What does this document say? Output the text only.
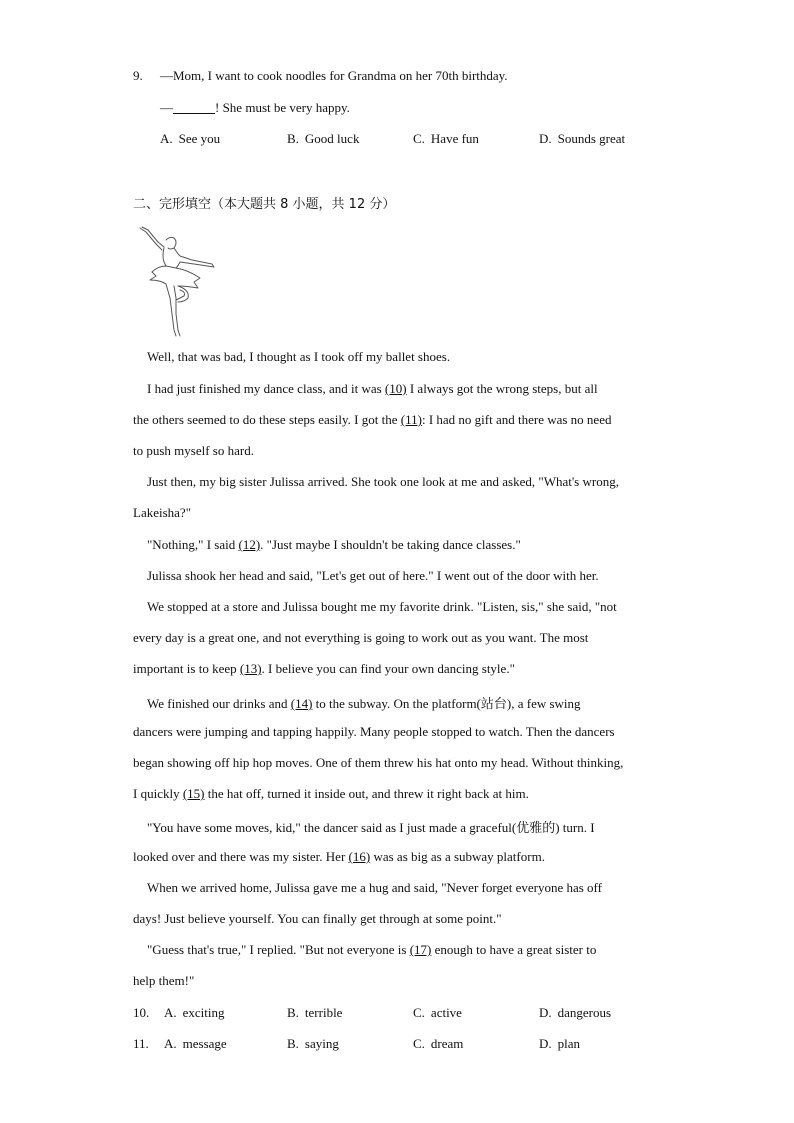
9. —Mom, I want to cook noodles for Grandma on her 70th birthday.
—	! She must be very happy.
A. See you	B. Good luck	C. Have fun	D. Sounds great
二、完形填空（本大题共 8 小题，共 12 分）
Well, that was bad, I thought as I took off my ballet shoes.
I had just finished my dance class, and it was (10) I always got the wrong steps, but all
the others seemed to do these steps easily. I got the (11): I had no gift and there was no need
to push myself so hard.
Just then, my big sister Julissa arrived. She took one look at me and asked, "What's wrong,
Lakeisha?"
"Nothing," I said (12). "Just maybe I shouldn't be taking dance classes."
Julissa shook her head and said, "Let's get out of here." I went out of the door with her.
We stopped at a store and Julissa bought me my favorite drink. "Listen, sis," she said, "not
every day is a great one, and not everything is going to work out as you want. The most
important is to keep (13). I believe you can find your own dancing style."
We finished our drinks and (14) to the subway. On the platform(站台), a few swing
dancers were jumping and tapping happily. Many people stopped to watch. Then the dancers
began showing off hip hop moves. One of them threw his hat onto my head. Without thinking,
I quickly (15) the hat off, turned it inside out, and threw it right back at him.
"You have some moves, kid," the dancer said as I just made a graceful(优雅的) turn. I
looked over and there was my sister. Her (16) was as big as a subway platform.
When we arrived home, Julissa gave me a hug and said, "Never forget everyone has off
days! Just believe yourself. You can finally get through at some point."
"Guess that's true," I replied. "But not everyone is (17) enough to have a great sister to
help them!"
10. A. exciting	B. terrible	C. active	D. dangerous
11. A. message	B. saying	C. dream	D. plan
